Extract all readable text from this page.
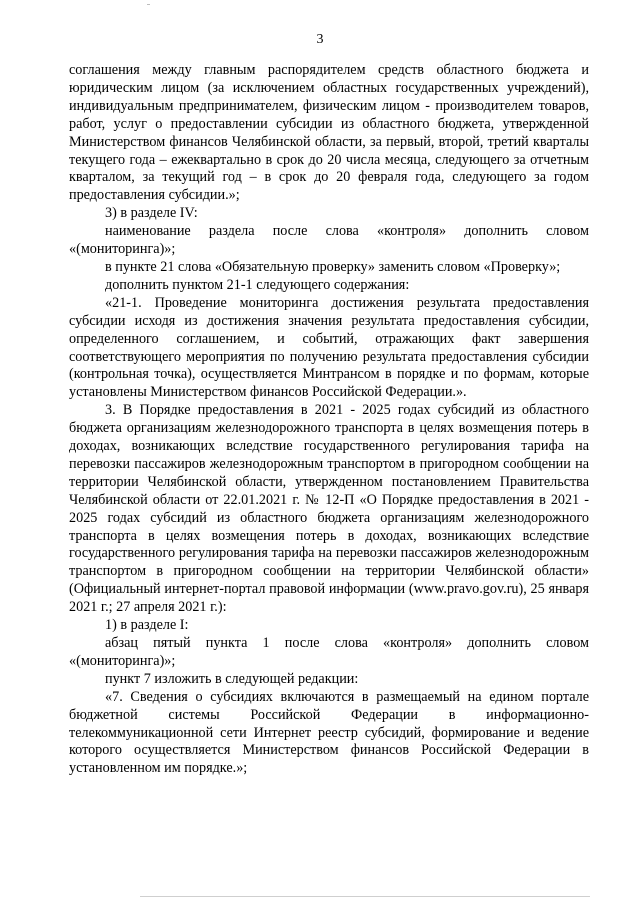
3

соглашения между главным распорядителем средств областного бюджета и юридическим лицом (за исключением областных государственных учреждений), индивидуальным предпринимателем, физическим лицом - производителем товаров, работ, услуг о предоставлении субсидии из областного бюджета, утвержденной Министерством финансов Челябинской области, за первый, второй, третий кварталы текущего года – ежеквартально в срок до 20 числа месяца, следующего за отчетным кварталом, за текущий год – в срок до 20 февраля года, следующего за годом предоставления субсидии.»;

3) в разделе IV:

наименование раздела после слова «контроля» дополнить словом «(мониторинга)»;

в пункте 21 слова «Обязательную проверку» заменить словом «Проверку»;

дополнить пунктом 21-1 следующего содержания:

«21-1. Проведение мониторинга достижения результата предоставления субсидии исходя из достижения значения результата предоставления субсидии, определенного соглашением, и событий, отражающих факт завершения соответствующего мероприятия по получению результата предоставления субсидии (контрольная точка), осуществляется Минтрансом в порядке и по формам, которые установлены Министерством финансов Российской Федерации.».

3. В Порядке предоставления в 2021 - 2025 годах субсидий из областного бюджета организациям железнодорожного транспорта в целях возмещения потерь в доходах, возникающих вследствие государственного регулирования тарифа на перевозки пассажиров железнодорожным транспортом в пригородном сообщении на территории Челябинской области, утвержденном постановлением Правительства Челябинской области от 22.01.2021 г. № 12-П «О Порядке предоставления в 2021 - 2025 годах субсидий из областного бюджета организациям железнодорожного транспорта в целях возмещения потерь в доходах, возникающих вследствие государственного регулирования тарифа на перевозки пассажиров железнодорожным транспортом в пригородном сообщении на территории Челябинской области» (Официальный интернет-портал правовой информации (www.pravo.gov.ru), 25 января 2021 г.; 27 апреля 2021 г.):

1) в разделе I:

абзац пятый пункта 1 после слова «контроля» дополнить словом «(мониторинга)»;

пункт 7 изложить в следующей редакции:

«7. Сведения о субсидиях включаются в размещаемый на едином портале бюджетной системы Российской Федерации в информационно-телекоммуникационной сети Интернет реестр субсидий, формирование и ведение которого осуществляется Министерством финансов Российской Федерации в установленном им порядке.»;
